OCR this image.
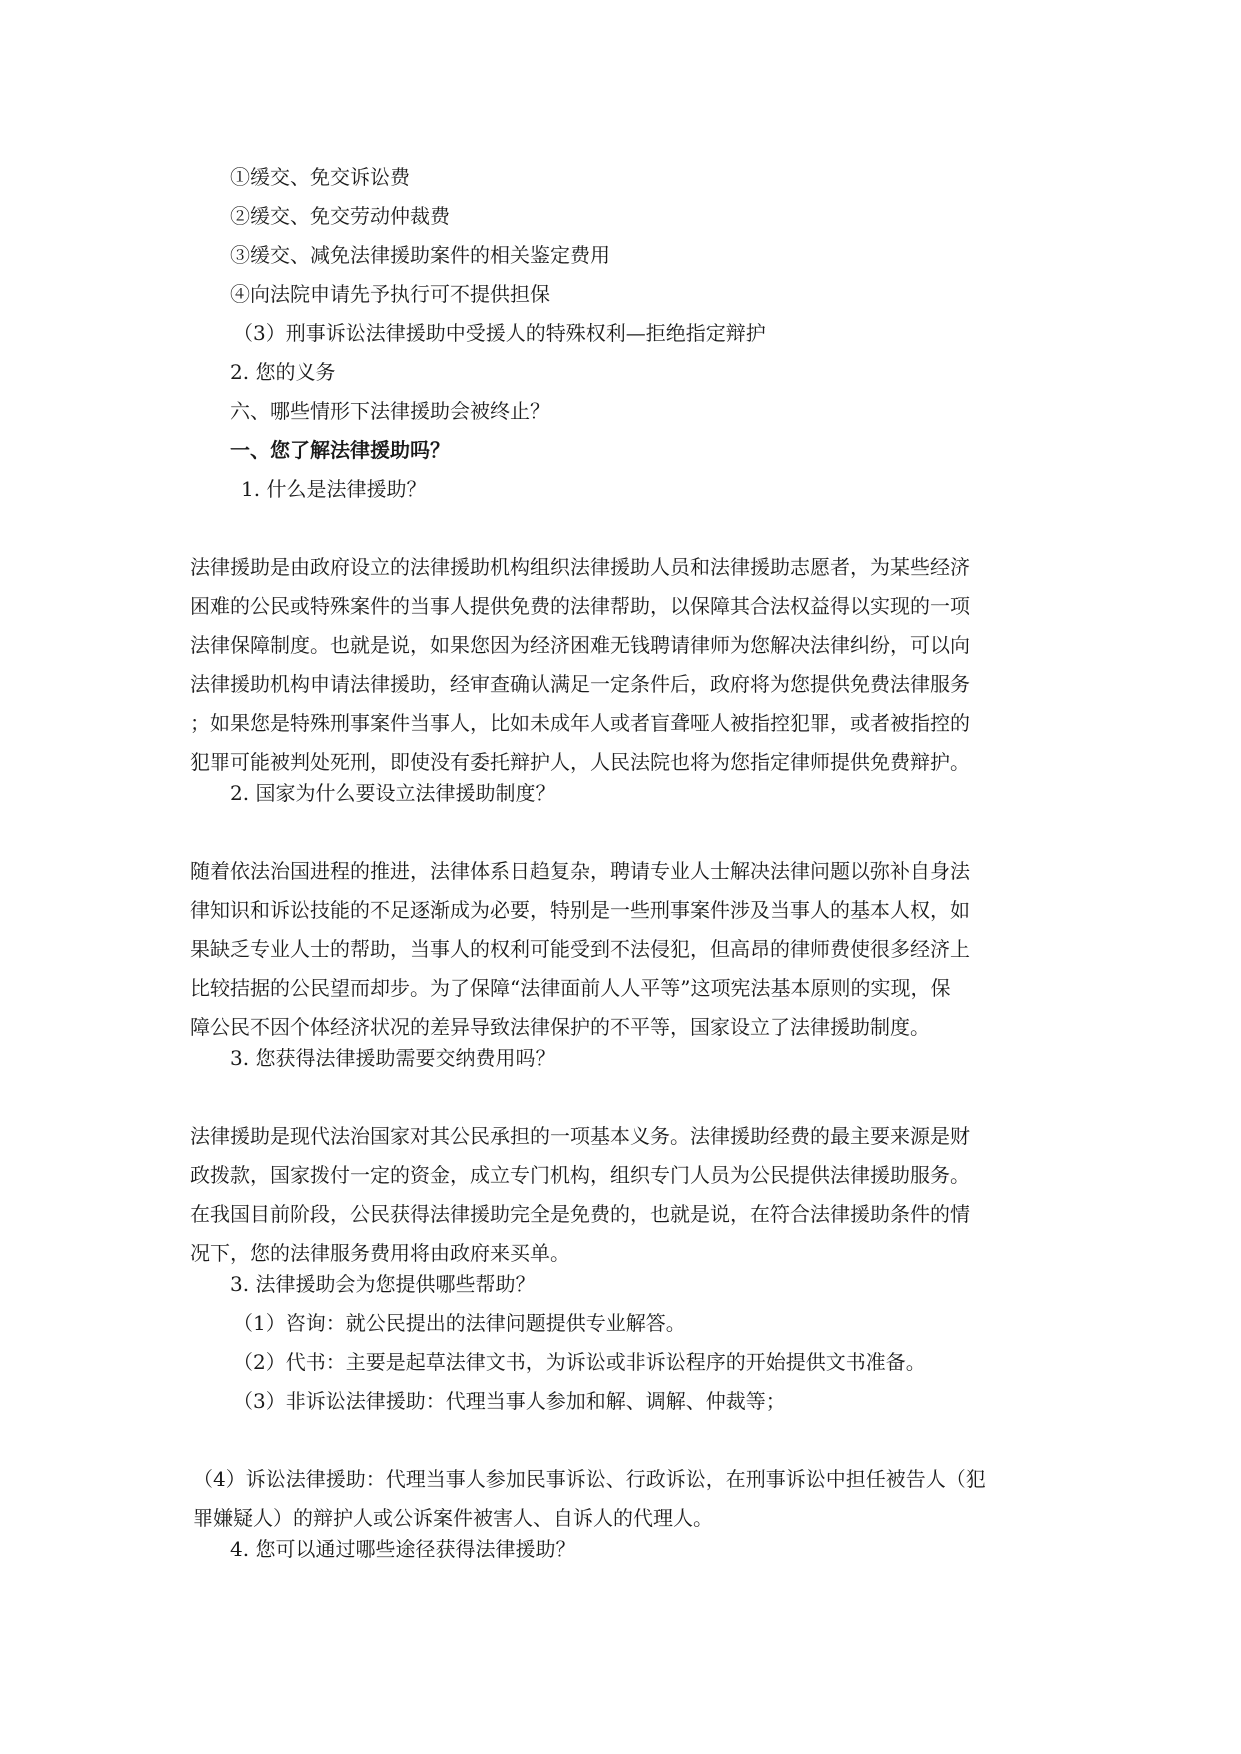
①缓交、免交诉讼费
②缓交、免交劳动仲裁费
③缓交、减免法律援助案件的相关鉴定费用
④向法院申请先予执行可不提供担保
（3）刑事诉讼法律援助中受援人的特殊权利—拒绝指定辩护
2. 您的义务
六、哪些情形下法律援助会被终止？
一、您了解法律援助吗？
1. 什么是法律援助？
法律援助是由政府设立的法律援助机构组织法律援助人员和法律援助志愿者，为某些经济
困难的公民或特殊案件的当事人提供免费的法律帮助，以保障其合法权益得以实现的一项
法律保障制度。也就是说，如果您因为经济困难无钱聘请律师为您解决法律纠纷，可以向
法律援助机构申请法律援助，经审查确认满足一定条件后，政府将为您提供免费法律服务
；如果您是特殊刑事案件当事人，比如未成年人或者盲聋哑人被指控犯罪，或者被指控的
犯罪可能被判处死刑，即使没有委托辩护人，人民法院也将为您指定律师提供免费辩护。
2. 国家为什么要设立法律援助制度？
随着依法治国进程的推进，法律体系日趋复杂，聘请专业人士解决法律问题以弥补自身法
律知识和诉讼技能的不足逐渐成为必要，特别是一些刑事案件涉及当事人的基本人权，如
果缺乏专业人士的帮助，当事人的权利可能受到不法侵犯，但高昂的律师费使很多经济上
比较拮据的公民望而却步。为了保障“法律面前人人平等”这项宪法基本原则的实现，保
障公民不因个体经济状况的差异导致法律保护的不平等，国家设立了法律援助制度。
3. 您获得法律援助需要交纳费用吗？
法律援助是现代法治国家对其公民承担的一项基本义务。法律援助经费的最主要来源是财
政拨款，国家拨付一定的资金，成立专门机构，组织专门人员为公民提供法律援助服务。
在我国目前阶段，公民获得法律援助完全是免费的，也就是说，在符合法律援助条件的情
况下，您的法律服务费用将由政府来买单。
3. 法律援助会为您提供哪些帮助？
（1）咨询：就公民提出的法律问题提供专业解答。
（2）代书：主要是起草法律文书，为诉讼或非诉讼程序的开始提供文书准备。
（3）非诉讼法律援助：代理当事人参加和解、调解、仲裁等；
（4）诉讼法律援助：代理当事人参加民事诉讼、行政诉讼，在刑事诉讼中担任被告人（犯
罪嫌疑人）的辩护人或公诉案件被害人、自诉人的代理人。
4. 您可以通过哪些途径获得法律援助？
